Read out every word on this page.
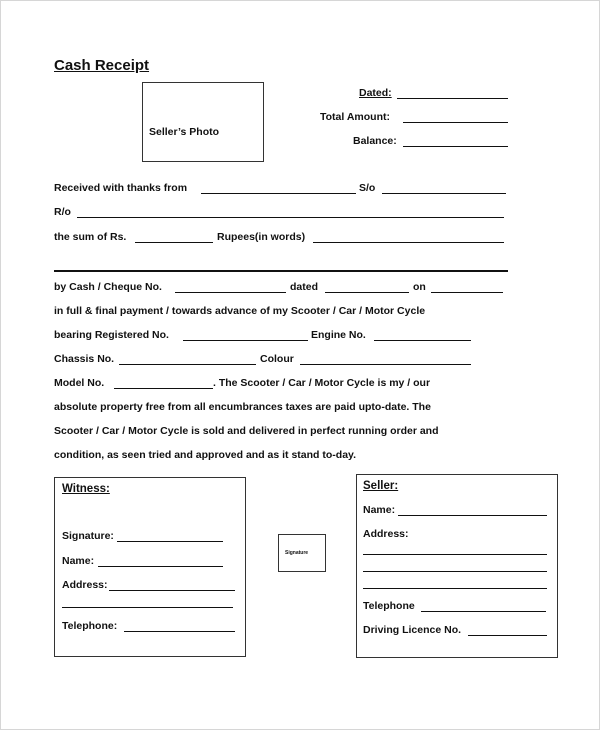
Cash Receipt
Seller’s Photo
Dated:
Total Amount:
Balance:
Received with thanks from	S/o
R/o
the sum of Rs.	Rupees(in words)
by Cash / Cheque No.	dated	on
in full & final payment / towards advance of my Scooter / Car / Motor Cycle
bearing Registered No.	Engine No.
Chassis No.	Colour
Model No.	. The Scooter / Car / Motor Cycle is my / our
absolute property free from all encumbrances taxes are paid upto-date. The
Scooter / Car / Motor Cycle is sold and delivered in perfect running order and
condition, as seen tried and approved and as it stand to-day.
Witness:
Signature:
Name:
Address:
Telephone:
Signature
Seller:
Name:
Address:
Telephone
Driving Licence No.
